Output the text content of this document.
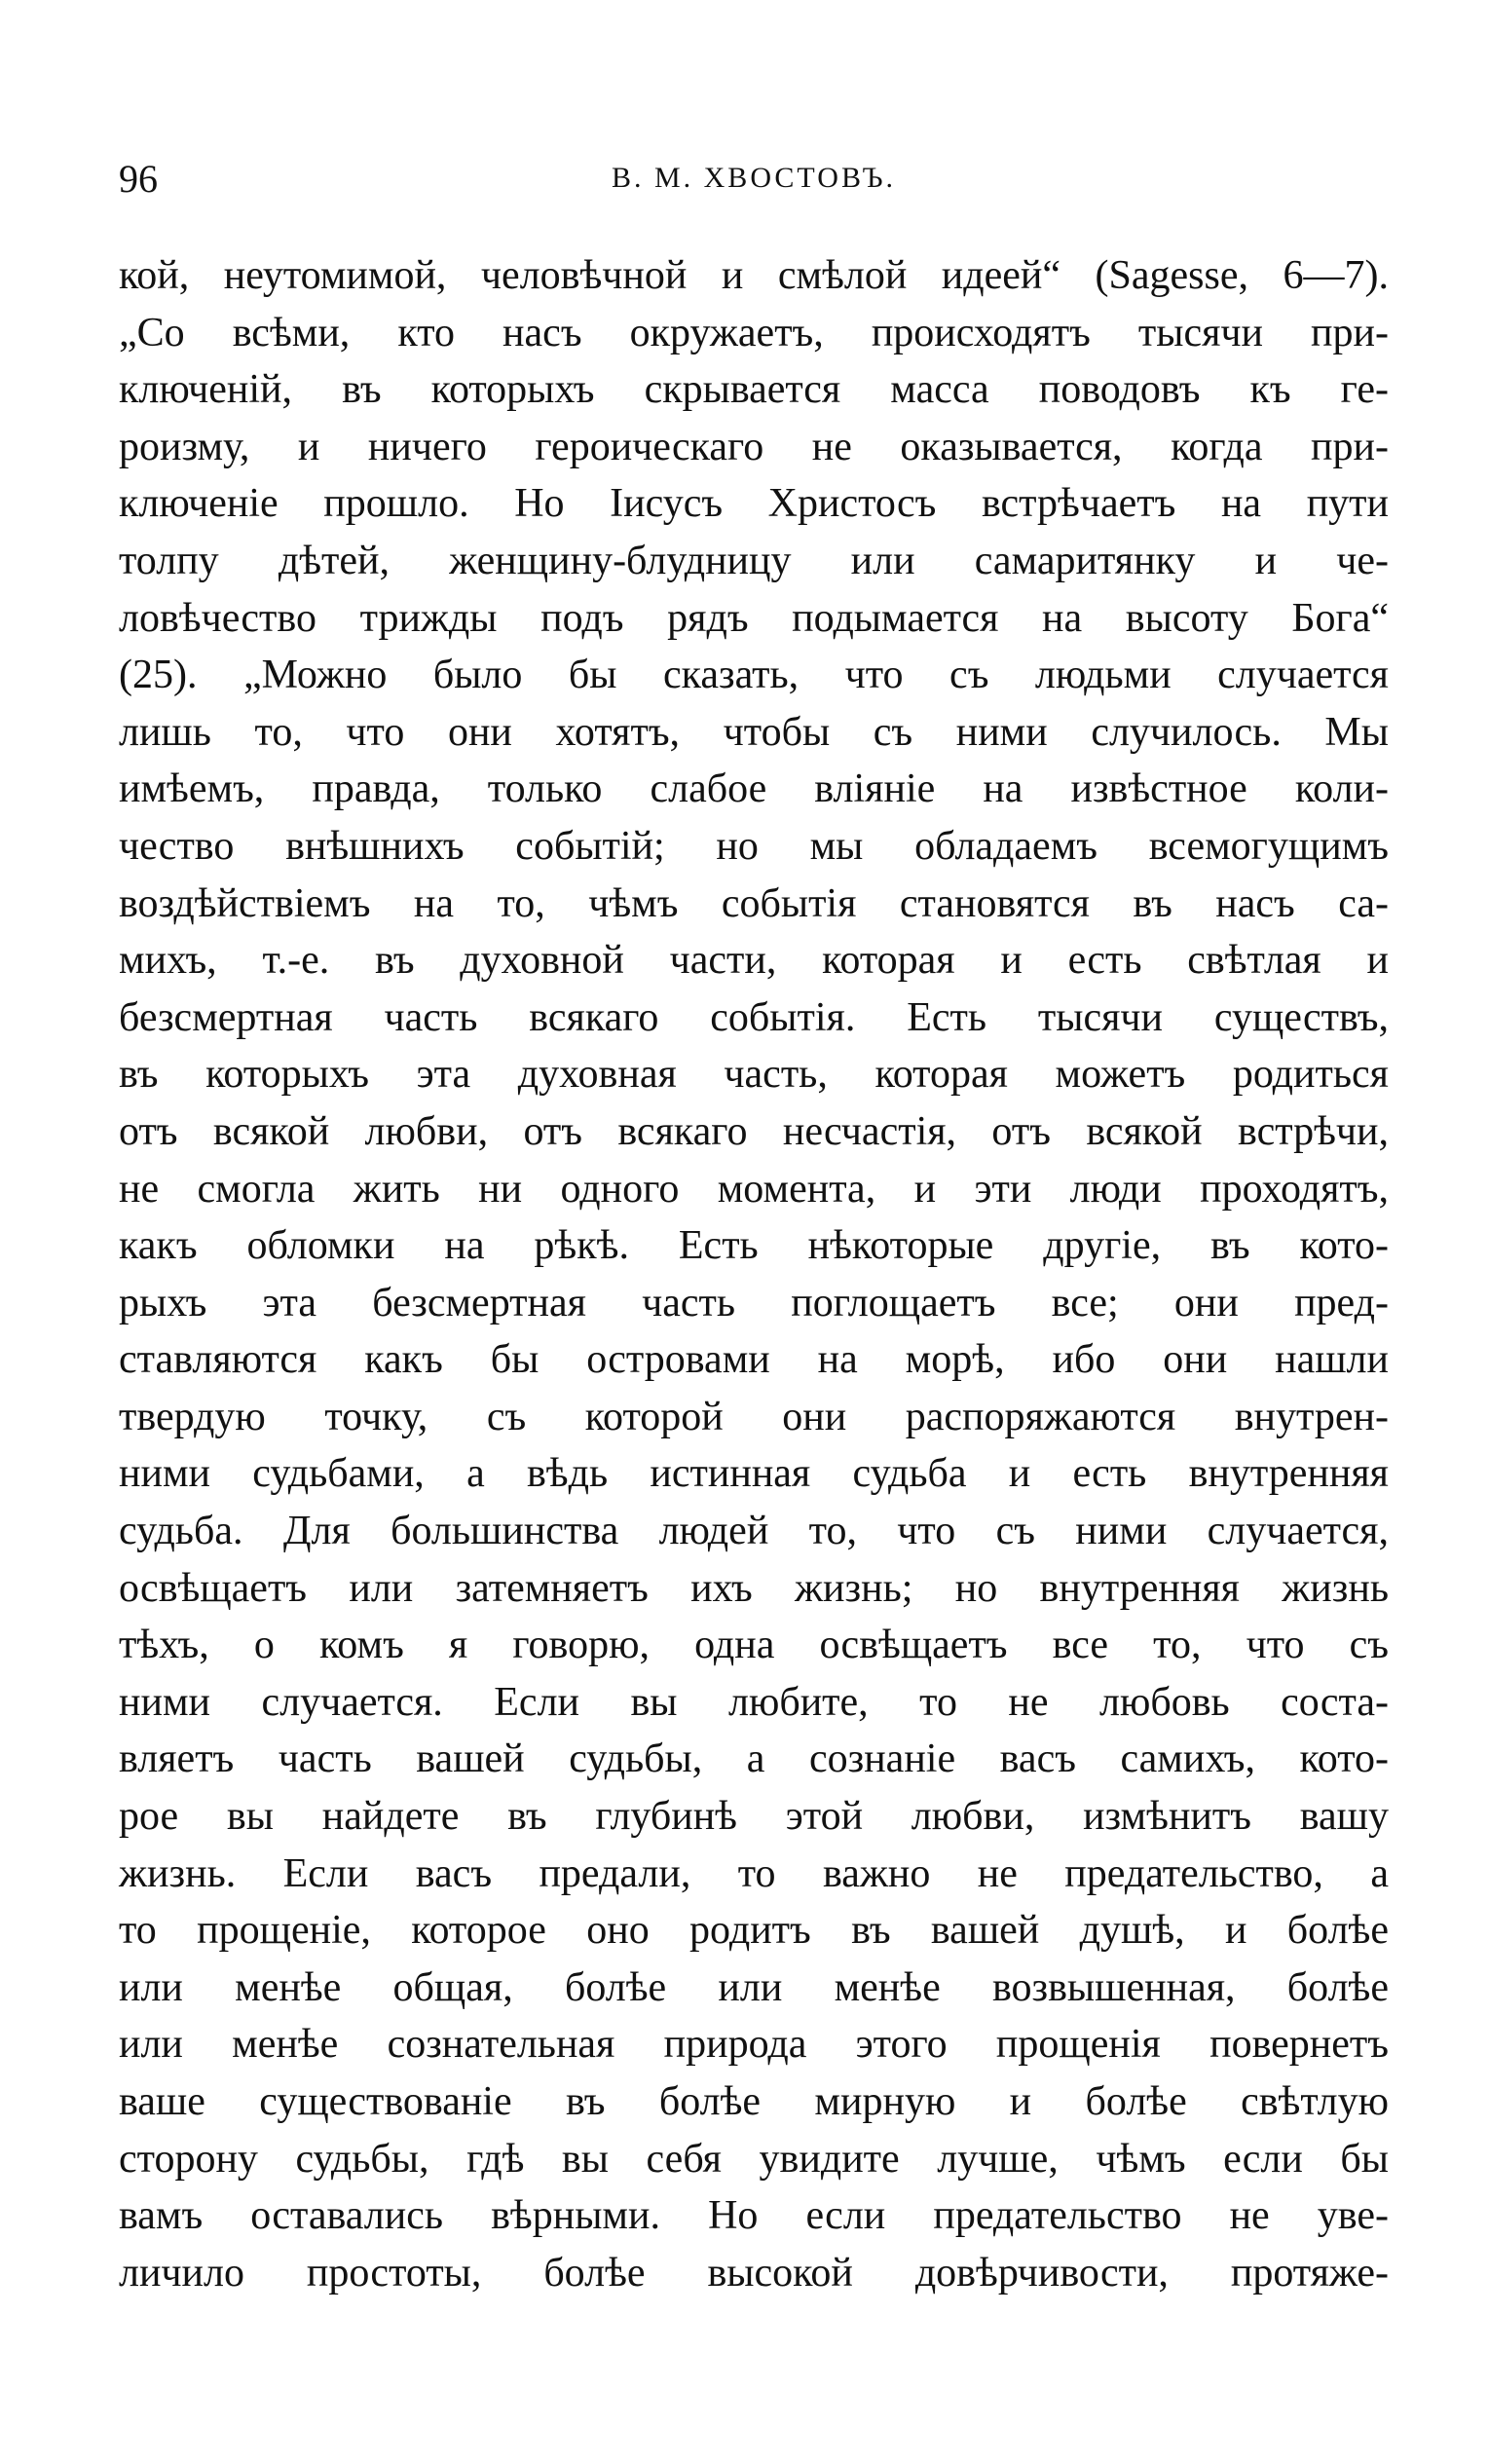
96	В. М. ХВОСТОВЪ.
кой, неутомимой, человѣчной и смѣлой идеей“ (Sagesse, 6—7).
„Со всѣми, кто насъ окружаетъ, происходятъ тысячи при-
ключеній, въ которыхъ скрывается масса поводовъ къ ге-
роизму, и ничего героическаго не оказывается, когда при-
ключеніе прошло. Но Іисусъ Христосъ встрѣчаетъ на пути
толпу дѣтей, женщину-блудницу или самаритянку и че-
ловѣчество трижды подъ рядъ подымается на высоту Бога“
(25). „Можно было бы сказать, что съ людьми случается
лишь то, что они хотятъ, чтобы съ ними случилось. Мы
имѣемъ, правда, только слабое вліяніе на извѣстное коли-
чество внѣшнихъ событій; но мы обладаемъ всемогущимъ
воздѣйствіемъ на то, чѣмъ событія становятся въ насъ са-
михъ, т.-е. въ духовной части, которая и есть свѣтлая и
безсмертная часть всякаго событія. Есть тысячи существъ,
въ которыхъ эта духовная часть, которая можетъ родиться
отъ всякой любви, отъ всякаго несчастія, отъ всякой встрѣчи,
не смогла жить ни одного момента, и эти люди проходятъ,
какъ обломки на рѣкѣ. Есть нѣкоторые другіе, въ кото-
рыхъ эта безсмертная часть поглощаетъ все; они пред-
ставляются какъ бы островами на морѣ, ибо они нашли
твердую точку, съ которой они распоряжаются внутрен-
ними судьбами, а вѣдь истинная судьба и есть внутренняя
судьба. Для большинства людей то, что съ ними случается,
освѣщаетъ или затемняетъ ихъ жизнь; но внутренняя жизнь
тѣхъ, о комъ я говорю, одна освѣщаетъ все то, что съ
ними случается. Если вы любите, то не любовь соста-
вляетъ часть вашей судьбы, а сознаніе васъ самихъ, кото-
рое вы найдете въ глубинѣ этой любви, измѣнитъ вашу
жизнь. Если васъ предали, то важно не предательство, а
то прощеніе, которое оно родитъ въ вашей душѣ, и болѣе
или менѣе общая, болѣе или менѣе возвышенная, болѣе
или менѣе сознательная природа этого прощенія повернетъ
ваше существованіе въ болѣе мирную и болѣе свѣтлую
сторону судьбы, гдѣ вы себя увидите лучше, чѣмъ если бы
вамъ оставались вѣрными. Но если предательство не уве-
личило простоты, болѣе высокой довѣрчивости, протяже-
